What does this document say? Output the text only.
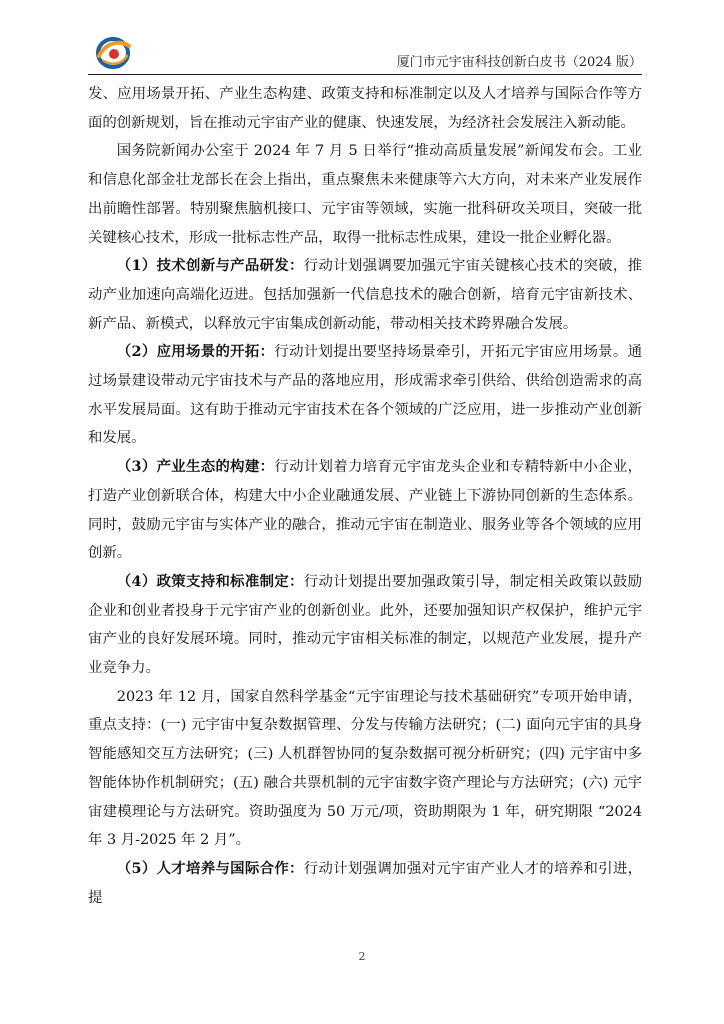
厦门市元宇宙科技创新白皮书（2024 版）

发、应用场景开拓、产业生态构建、政策支持和标准制定以及人才培养与国际合作等方面的创新规划，旨在推动元宇宙产业的健康、快速发展，为经济社会发展注入新动能。

国务院新闻办公室于 2024 年 7 月 5 日举行“推动高质量发展”新闻发布会。工业和信息化部金壮龙部长在会上指出，重点聚焦未来健康等六大方向，对未来产业发展作出前瞻性部署。特别聚焦脑机接口、元宇宙等领域，实施一批科研攻关项目，突破一批关键核心技术，形成一批标志性产品，取得一批标志性成果，建设一批企业孵化器。

（1）技术创新与产品研发：行动计划强调要加强元宇宙关键核心技术的突破，推动产业加速向高端化迈进。包括加强新一代信息技术的融合创新，培育元宇宙新技术、新产品、新模式，以释放元宇宙集成创新动能，带动相关技术跨界融合发展。

（2）应用场景的开拓：行动计划提出要坚持场景牵引，开拓元宇宙应用场景。通过场景建设带动元宇宙技术与产品的落地应用，形成需求牵引供给、供给创造需求的高水平发展局面。这有助于推动元宇宙技术在各个领域的广泛应用，进一步推动产业创新和发展。

（3）产业生态的构建：行动计划着力培育元宇宙龙头企业和专精特新中小企业，打造产业创新联合体，构建大中小企业融通发展、产业链上下游协同创新的生态体系。同时，鼓励元宇宙与实体产业的融合，推动元宇宙在制造业、服务业等各个领域的应用创新。

（4）政策支持和标准制定：行动计划提出要加强政策引导，制定相关政策以鼓励企业和创业者投身于元宇宙产业的创新创业。此外，还要加强知识产权保护，维护元宇宙产业的良好发展环境。同时，推动元宇宙相关标准的制定，以规范产业发展，提升产业竞争力。

2023 年 12 月，国家自然科学基金“元宇宙理论与技术基础研究”专项开始申请，重点支持：(一) 元宇宙中复杂数据管理、分发与传输方法研究；(二) 面向元宇宙的具身智能感知交互方法研究；(三) 人机群智协同的复杂数据可视分析研究；(四) 元宇宙中多智能体协作机制研究；(五) 融合共票机制的元宇宙数字资产理论与方法研究；(六) 元宇宙建模理论与方法研究。资助强度为 50 万元/项，资助期限为 1 年，研究期限 “2024 年 3 月-2025 年 2 月”。

（5）人才培养与国际合作：行动计划强调加强对元宇宙产业人才的培养和引进，提

2
